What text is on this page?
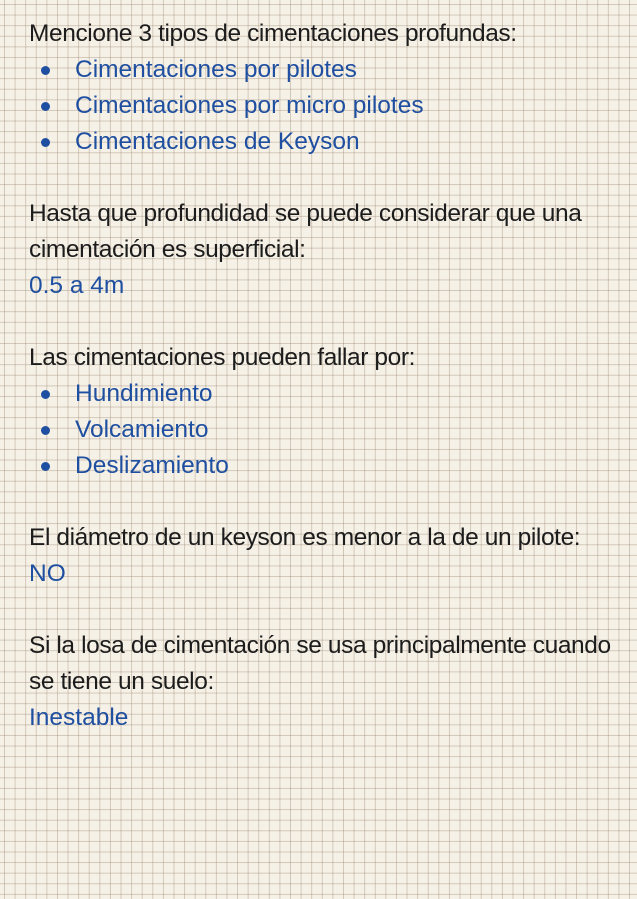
Mencione 3 tipos de cimentaciones profundas:

Cimentaciones por pilotes
Cimentaciones por micro pilotes
Cimentaciones de Keyson

Hasta que profundidad se puede considerar que una cimentación es superficial:

0.5 a 4m

Las cimentaciones pueden fallar por:

Hundimiento
Volcamiento
Deslizamiento

El diámetro de un keyson es menor a la de un pilote:

NO

Si la losa de cimentación se usa principalmente cuando se tiene un suelo:

Inestable
